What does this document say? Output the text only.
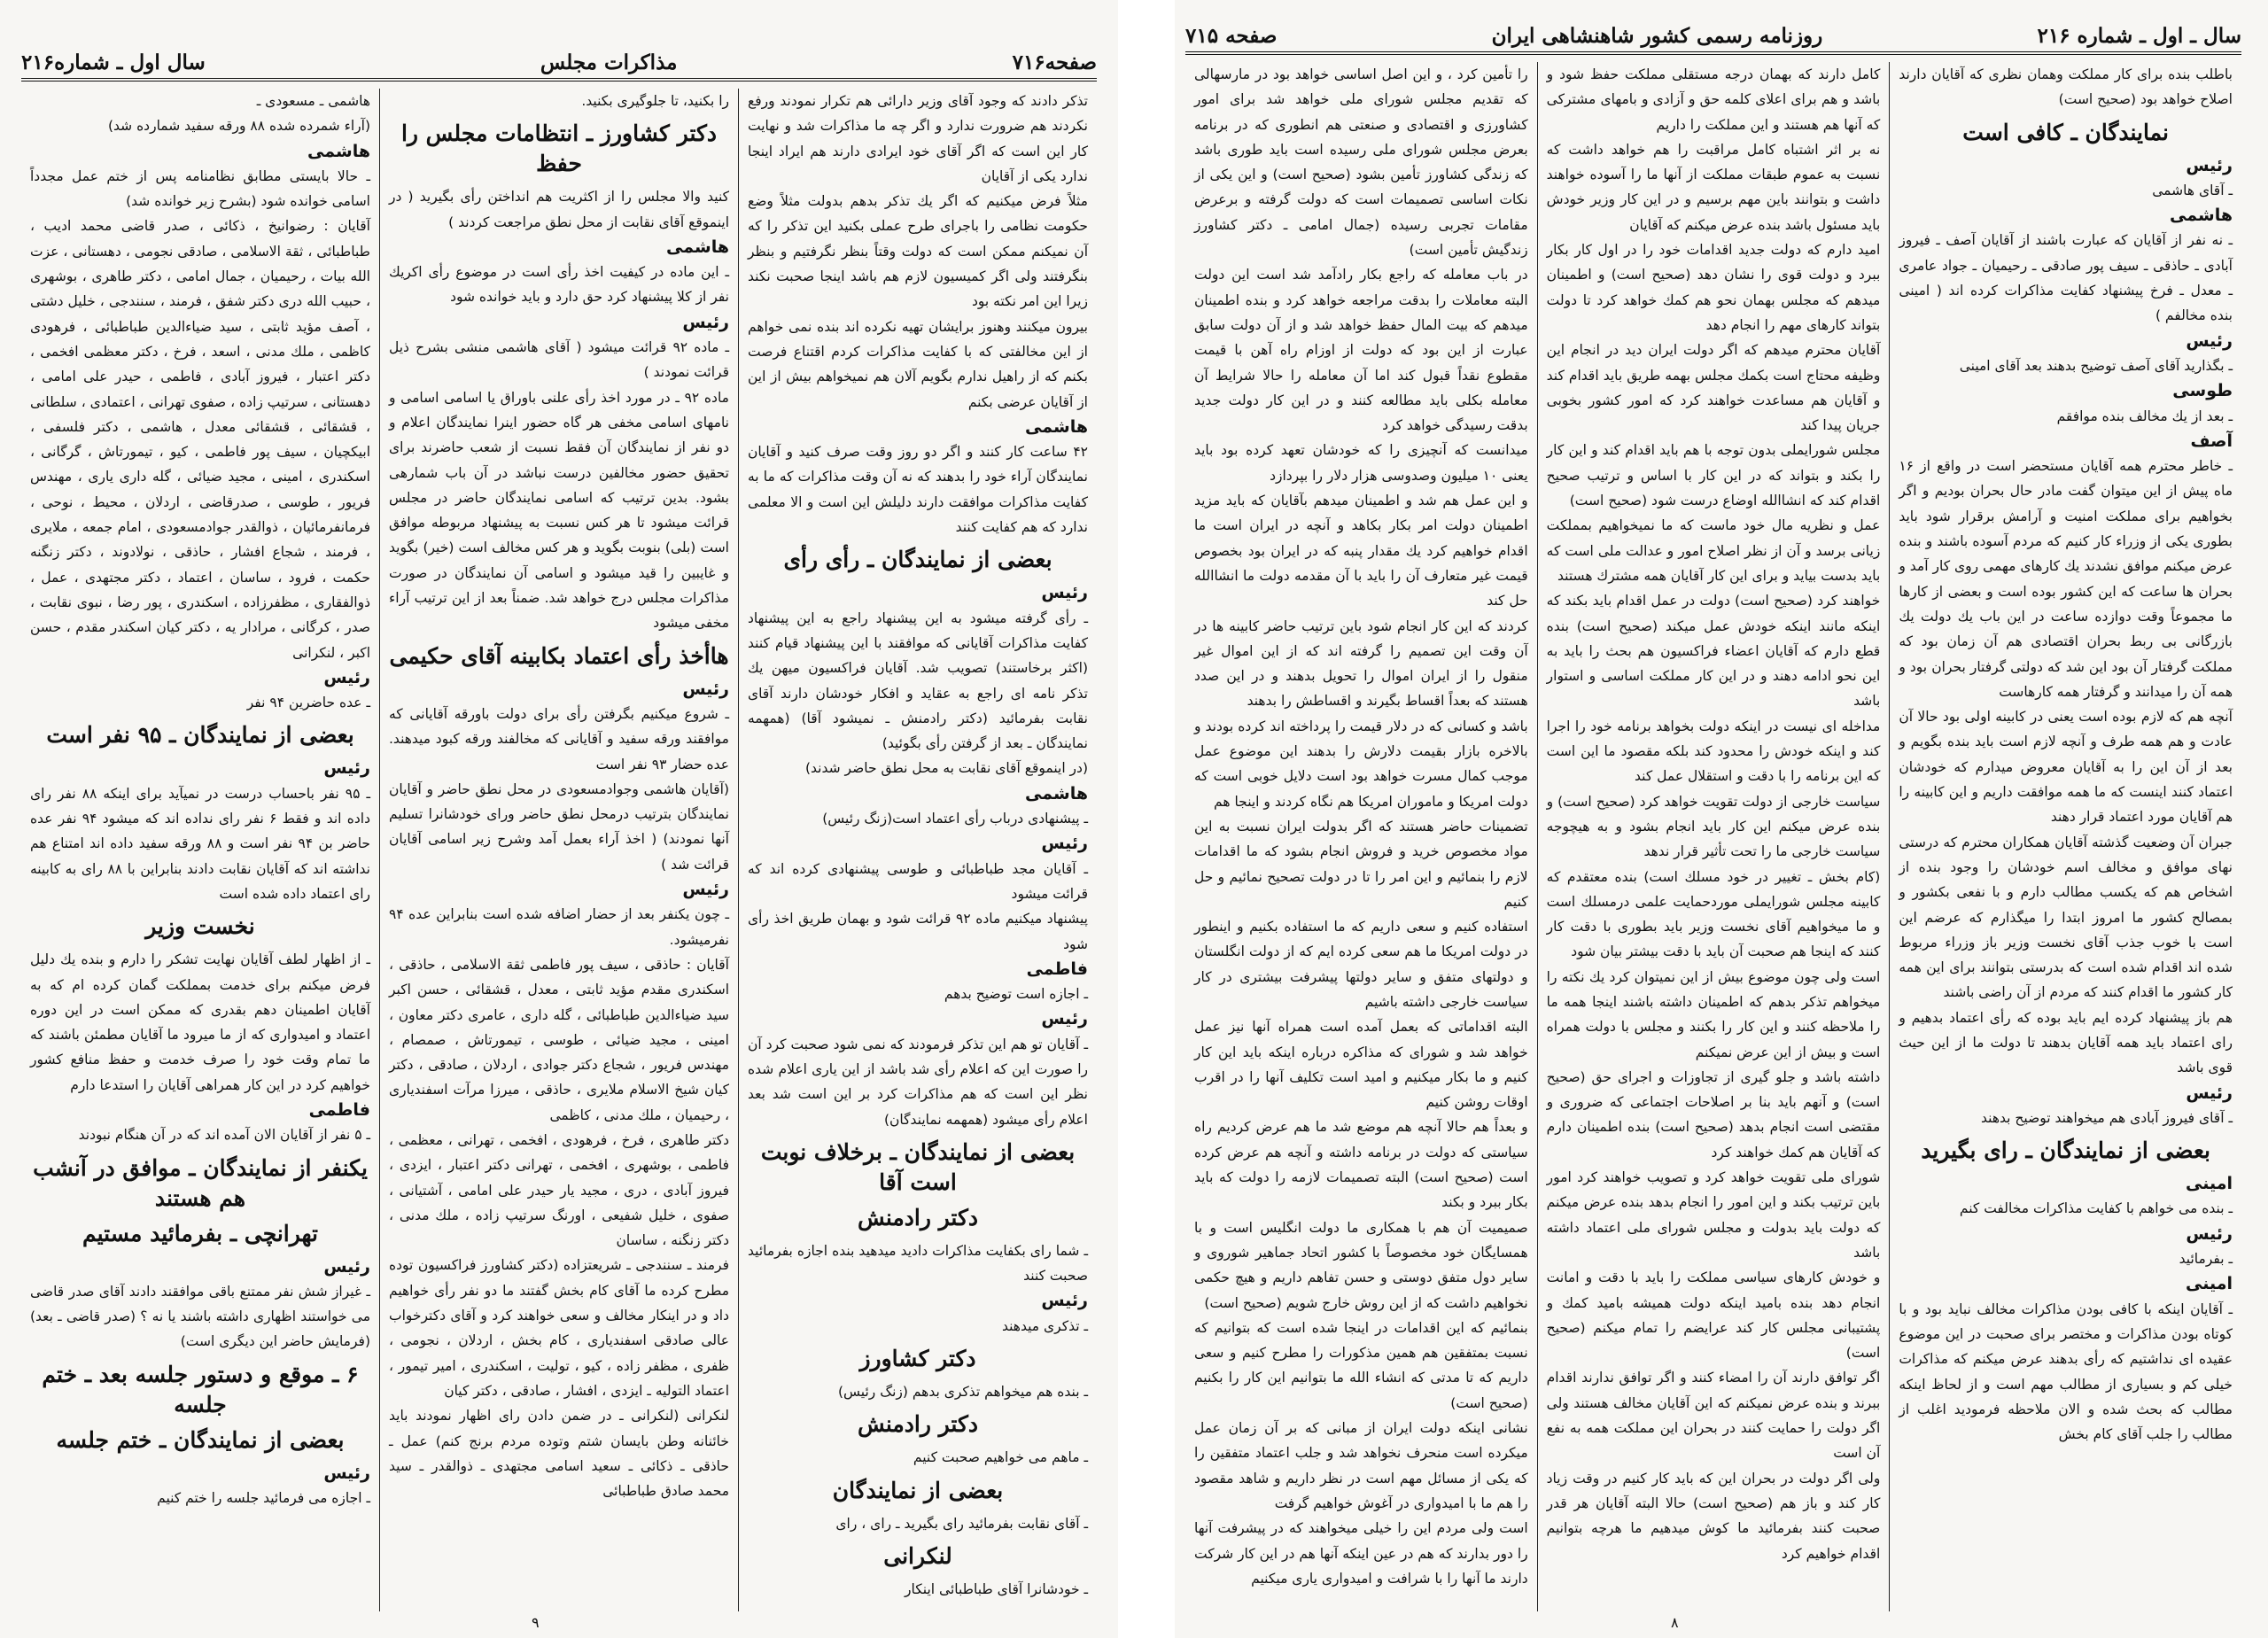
صفحه۷۱۶
مذاكرات مجلس
سال اول ـ شماره۲۱۶

تذكر دادند كه وجود آقای وزیر دارائی هم تكرار نمودند ورفع نكردند هم ضرورت ندارد و اگر چه ما مذاكرات شد و نهایت كار این است كه اگر آقای خود ایرادی دارند هم ایراد اینجا ندارد یكی از آقایان

مثلاً فرض میكنیم كه اگر یك تذكر بدهم بدولت مثلاً وضع حكومت نظامی را باجرای طرح عملی بكنید این تذكر را كه آن نمیكنم ممكن است كه دولت وقتاً بنظر نگرفتیم و بنظر بنگرفتند ولی اگر كمیسیون لازم هم باشد اینجا صحبت نكند زیرا این امر نكته بود

بیرون میكنند وهنوز برایشان تهیه نكرده اند بنده نمی خواهم از این مخالفتی كه با كفایت مذاكرات كردم اقتناع فرصت بكنم كه از راهیل ندارم بگویم آلان هم نمیخواهم بیش از این از آقایان عرضی بكنم

هاشمی

۴۲ ساعت كار كنند و اگر دو روز وقت صرف كنید و آقایان نمایندگان آراء خود را بدهند كه نه آن وقت مذاكرات كه ما به كفایت مذاكرات موافقت دارند دلیلش این است و الا معلمی ندارد كه هم كفایت كنند

بعضی از نمایندگان ـ رأی رأی

رئیس

ـ رأی گرفته میشود به این پیشنهاد راجع به این پیشنهاد كفایت مذاكرات آقایانی كه موافقند با این پیشنهاد قیام كنند (اكثر برخاستند) تصویب شد. آقایان فراكسیون میهن یك تذكر نامه ای راجع به عقاید و افكار خودشان دارند آقای نقابت بفرمائید (دكتر رادمنش ـ نمیشود آقا) (همهمه نمایندگان ـ بعد از گرفتن رأی بگوئید)

(در اینموقع آقای نقابت به محل نطق حاضر شدند)

هاشمی

ـ پیشنهادی درباب رأی اعتماد است(زنگ رئیس)

رئیس

ـ آقایان مجد طباطبائی و طوسی پیشنهادی كرده اند كه قرائت میشود

پیشنهاد میكنیم ماده ۹۲ قرائت شود و بهمان طریق اخذ رأی شود

فاطمی

ـ اجازه است توضیح بدهم

رئیس

ـ آقایان تو هم این تذكر فرمودند كه نمی شود صحبت كرد آن را صورت این كه اعلام رأی شد باشد از این یاری اعلام شده نظر این است كه هم مذاكرات كرد بر این است شد بعد اعلام رأی میشود (همهمه نمایندگان)

بعضی از نمایندگان ـ برخلاف نوبت است آقا
دكتر رادمنش

ـ شما رای بكفایت مذاكرات دادید میدهید بنده اجازه بفرمائید صحبت كنند

رئیس

ـ تذكری میدهند

دكتر كشاورز

ـ بنده هم میخواهم تذكری بدهم (زنگ رئیس)

دكتر رادمنش

ـ ماهم می خواهیم صحبت كنیم

بعضی از نمایندگان

ـ آقای نقابت بفرمائید رای بگیرید ـ رای ، رای

لنكرانی

ـ خودشانرا آقای طباطبائی اینكار

را بكنید، تا جلوگیری بكنید.

دكتر كشاورز ـ انتظامات مجلس را حفظ

كنید والا مجلس را از اكثریت هم انداختن رأی بگیرید ( در اینموقع آقای نقابت از محل نطق مراجعت كردند )

هاشمی

ـ این ماده در كیفیت اخذ رأی است در موضوع رأی اكریك نفر از كلا پیشنهاد كرد حق دارد و باید خوانده شود

رئیس

ـ ماده ۹۲ قرائت میشود ( آقای هاشمی منشی بشرح ذیل قرائت نمودند )

ماده ۹۲ ـ در مورد اخذ رأی علنی باوراق یا اسامی اسامی و نامهای اسامی مخفی هر گاه حضور اینرا نمایندگان اعلام و دو نفر از نمایندگان آن فقط نسبت از شعب حاضرند برای تحقیق حضور مخالفین درست نباشد در آن باب شمارهی بشود. بدین ترتیب كه اسامی نمایندگان حاضر در مجلس قرائت میشود تا هر كس نسبت به پیشنهاد مربوطه موافق است (بلی) بنوبت بگوید و هر كس مخالف است (خیر) بگوید و غایبین را قید میشود و اسامی آن نمایندگان در صورت مذاكرات مجلس درج خواهد شد. ضمناً بعد از این ترتیب آراء مخفی میشود

هاأخذ رأی اعتماد بكابینه آقای حكیمی

رئیس

ـ شروع میكنیم بگرفتن رأی برای دولت باورقه آقایانی كه موافقند ورقه سفید و آقایانی كه مخالفند ورقه كبود میدهند. عده حضار ۹۳ نفر است

(آقایان هاشمی وجوادمسعودی در محل نطق حاضر و آقایان نمایندگان بترتیب درمحل نطق حاضر ورای خودشانرا تسلیم آنها نمودند) ( اخذ آراء بعمل آمد وشرح زیر اسامی آقایان قرائت شد )

رئیس

ـ چون یكنفر بعد از حضار اضافه شده است بنابراین عده ۹۴ نفرمیشود.

آقایان : حاذقی ، سیف پور فاطمی ثقة الاسلامی ، حاذقی ، اسكندری مقدم مؤید ثابتی ، معدل ، قشقائی ، حسن اكبر سید ضیاءالدین طباطبائی ، گله داری ، عامری دكتر معاون ، امینی ، مجید ضیائی ، طوسی ، تیمورتاش ، صمصام ، مهندس فریور ، شجاع دكتر جوادی ، اردلان ، صادقی ، دكتر كیان شیخ الاسلام ملایری ، حاذقی ، میرزا مرآت اسفندیاری ، رحیمیان ، ملك مدنی ، كاظمی

دكتر طاهری ، فرخ ، فرهودی ، افخمی ، تهرانی ، معظمی ، فاطمی ، بوشهری ، افخمی ، تهرانی دكتر اعتبار ، ایزدی ، فیروز آبادی ، دری ، مجید یار حیدر علی امامی ، آشتیانی ، صفوی ، خلیل شفیعی ، اورنگ سرتیپ زاده ، ملك مدنی ، دكتر زنگنه ، ساسان

فرمند ـ سنندجی ـ شریعتزاده (دكتر كشاورز فراكسیون توده مطرح كرده ما آقای كام بخش گفتند ما دو نفر رأی خواهیم داد و در اینكار مخالف و سعی خواهند كرد و آقای دكترخواب عالی صادقی اسفندیاری ، كام بخش ، اردلان ، نجومی ، ظفری ، مظفر زاده ، كیو ، تولیت ، اسكندری ، امیر تیمور ، اعتماد التولیه ـ ایزدی ، افشار ، صادقی ، دكتر كیان

لنكرانی (لنكرانی ـ در ضمن دادن رای اظهار نمودند باید خائنانه وطن بایسان شتم وتوده مردم برنج كنم) عمل ـ حاذقی ـ ذكائی ـ سعید اسامی مجتهدی ـ ذوالقدر ـ سید محمد صادق طباطبائی

هاشمی ـ مسعودی ـ

(آراء شمرده شده ۸۸ ورقه سفید شمارده شد)

هاشمی

ـ حالا بایستی مطابق نظامنامه پس از ختم عمل مجدداً اسامی خوانده شود (بشرح زیر خوانده شد)

آقایان : رضوانیخ ، ذكائی ، صدر قاضی محمد ادیب ، طباطبائی ، ثقة الاسلامی ، صادقی نجومی ، دهستانی ، عزت الله بیات ، رحیمیان ، جمال امامی ، دكتر طاهری ، بوشهری ، حبیب الله دری دكتر شفق ، فرمند ، سنندجی ، خلیل دشتی ، آصف مؤید ثابتی ، سید ضیاءالدین طباطبائی ، فرهودی كاظمی ، ملك مدنی ، اسعد ، فرخ ، دكتر معظمی افخمی ، دكتر اعتبار ، فیروز آبادی ، فاطمی ، حیدر علی امامی ، دهستانی ، سرتیپ زاده ، صفوی تهرانی ، اعتمادی ، سلطانی ، قشقائی ، قشقائی معدل ، هاشمی ، دكتر فلسفی ، ابیكچیان ، سیف پور فاطمی ، كیو ، تیمورتاش ، گرگانی ، اسكندری ، امینی ، مجید ضیائی ، گله داری یاری ، مهندس فریور ، طوسی ، صدرقاضی ، اردلان ، محیط ، نوحی ، فرمانفرمائیان ، ذوالقدر جوادمسعودی ، امام جمعه ، ملایری ، فرمند ، شجاع افشار ، حاذقی ، نولادوند ، دكتر زنگنه حكمت ، فرود ، ساسان ، اعتماد ، دكتر مجتهدی ، عمل ، ذوالفقاری ، مظفرزاده ، اسكندری ، پور رضا ، نبوی نقابت ، صدر ، كرگانی ، مرادار یه ، دكتر كیان اسكندر مقدم ، حسن اكبر ، لنكرانی

رئیس

ـ عده حاضرین ۹۴ نفر

بعضی از نمایندگان ـ ۹۵ نفر است

رئیس

ـ ۹۵ نفر باحساب درست در نمیآید برای اینكه ۸۸ نفر رای داده اند و فقط ۶ نفر رای نداده اند كه میشود ۹۴ نفر عده حاضر بن ۹۴ نفر است و ۸۸ ورقه سفید داده اند امتناع هم نداشته اند كه آقایان نقابت دادند بنابراین با ۸۸ رای به كابینه رای اعتماد داده شده است

نخست وزیر

ـ از اظهار لطف آقایان نهایت تشكر را دارم و بنده یك دلیل فرض میكنم برای خدمت بمملكت گمان كرده ام كه به آقایان اطمینان دهم بقدری كه ممكن است در این دوره اعتماد و امیدواری كه از ما میرود ما آقایان مطمئن باشند كه ما تمام وقت خود را صرف خدمت و حفظ منافع كشور خواهیم كرد در این كار همراهی آقایان را استدعا دارم

فاطمی

ـ ۵ نفر از آقایان الان آمده اند كه در آن هنگام نبودند

یكنفر از نمایندگان ـ موافق در آنشب هم هستند
تهرانچی ـ بفرمائید مستیم

رئیس

ـ غیراز شش نفر ممتنع باقی موافقند دادند آقای صدر قاضی می خواستند اظهاری داشته باشند یا نه ؟ (صدر قاضی ـ بعد) (فرمایش حاضر این دیگری است)

۶ ـ موقع و دستور جلسه بعد ـ ختم جلسه
بعضی از نمایندگان ـ ختم جلسه

رئیس

ـ اجازه می فرمائید جلسه را ختم كنیم

۹
سال ـ اول ـ شماره ۲۱۶
روزنامه رسمی كشور شاهنشاهی ایران
صفحه ۷۱۵

باطلب بنده برای كار مملكت وهمان نظری كه آقایان دارند اصلاح خواهد بود (صحیح است)

نمایندگان ـ كافی است

رئیس

ـ آقای هاشمی

هاشمی

ـ نه نفر از آقایان كه عبارت باشند از آقایان آصف ـ فیروز آبادی ـ حاذقی ـ سیف پور صادقی ـ رحیمیان ـ جواد عامری ـ معدل ـ فرخ پیشنهاد كفایت مذاكرات كرده اند ( امینی بنده مخالفم )

رئیس

ـ بگذارید آقای آصف توضیح بدهند بعد آقای امینی

طوسی

ـ بعد از یك مخالف بنده موافقم

آصف

ـ خاطر محترم همه آقایان مستحضر است در واقع از ۱۶ ماه پیش از این میتوان گفت مادر حال بحران بودیم و اگر بخواهیم برای مملكت امنیت و آرامش برقرار شود باید بطوری یكی از وزراء كار كنیم كه مردم آسوده باشند و بنده عرض میكنم موافق نشدند یك كارهای مهمی روی كار آمد و بحران ها ساعت كه این كشور بوده است و بعضی از كارها ما مجموعاً وقت دوازده ساعت در این باب یك دولت یك بازرگانی بی ربط بحران اقتصادی هم آن زمان بود كه مملكت گرفتار آن بود این شد كه دولتی گرفتار بحران بود و همه آن را میدانند و گرفتار همه كارهاست

آنچه هم كه لازم بوده است یعنی در كابینه اولی بود حالا آن عادت و هم همه طرف و آنچه لازم است باید بنده بگویم و بعد از آن این را به آقایان معروض میدارم كه خودشان اعتماد كنند اینست كه ما همه موافقت داریم و این كابینه را هم آقایان مورد اعتماد قرار دهند

جبران آن وضعیت گذشته آقایان همكاران محترم كه درستی نهای موافق و مخالف اسم خودشان را وجود بنده از اشخاص هم كه یكسب مطالب دارم و با نفعی بكشور و بمصالح كشور ما امروز ابتدا را میگذارم كه عرضم این است با خوب جذب آقای نخست وزیر باز وزراء مربوط شده اند اقدام شده است كه بدرستی بتوانند برای این همه كار كشور ما اقدام كنند كه مردم از آن راضی باشند

هم باز پیشنهاد كرده ایم باید بوده كه رأی اعتماد بدهیم و رای اعتماد باید همه آقایان بدهند تا دولت ما از این حیث قوی باشد

رئیس

ـ آقای فیروز آبادی هم میخواهند توضیح بدهند

بعضی از نمایندگان ـ رای بگیرید

امینی

ـ بنده می خواهم با كفایت مذاكرات مخالفت كنم

رئیس

ـ بفرمائید

امینی

ـ آقایان اینكه با كافی بودن مذاكرات مخالف نباید بود و با كوتاه بودن مذاكرات و مختصر برای صحبت در این موضوع عقیده ای نداشتیم كه رأی بدهند عرض میكنم كه مذاكرات خیلی كم و بسیاری از مطالب مهم است و از لحاظ اینكه مطالب كه بحث شده و الان ملاحظه فرمودید اغلب از مطالب را جلب آقای كام بخش

كامل دارند كه بهمان درجه مستقلی مملكت حفظ شود و باشد و هم برای اعلای كلمه حق و آزادی و بامهای مشتركی كه آنها هم هستند و این مملكت را داریم

نه بر اثر اشتباه كامل مراقبت را هم خواهد داشت كه نسبت به عموم طبقات مملكت از آنها ما را آسوده خواهند داشت و بتوانند باین مهم برسیم و در این كار وزیر خودش باید مسئول باشد بنده عرض میكنم كه آقایان

امید دارم كه دولت جدید اقدامات خود را در اول كار بكار ببرد و دولت قوی را نشان دهد (صحیح است) و اطمینان میدهم كه مجلس بهمان نحو هم كمك خواهد كرد تا دولت بتواند كارهای مهم را انجام دهد

آقایان محترم میدهم كه اگر دولت ایران دید در انجام این وظیفه محتاج است بكمك مجلس بهمه طریق باید اقدام كند و آقایان هم مساعدت خواهند كرد كه امور كشور بخوبی جریان پیدا كند

مجلس شورایملی بدون توجه با هم باید اقدام كند و این كار را بكند و بتواند كه در این كار با اساس و ترتیب صحیح اقدام كند كه انشاالله اوضاع درست شود (صحیح است)

عمل و نظریه مال خود ماست كه ما نمیخواهیم بمملكت زیانی برسد و آن از نظر اصلاح امور و عدالت ملی است كه باید بدست بیاید و برای این كار آقایان همه مشترك هستند

خواهند كرد (صحیح است) دولت در عمل اقدام باید بكند كه اینكه مانند اینكه خودش عمل میكند (صحیح است) بنده قطع دارم كه آقایان اعضاء فراكسیون هم بحث را باید به این نحو ادامه دهند و در این كار مملكت اساسی و استوار باشد

مداخله ای نیست در اینكه دولت بخواهد برنامه خود را اجرا كند و اینكه خودش را محدود كند بلكه مقصود ما این است كه این برنامه را با دقت و استقلال عمل كند

سیاست خارجی از دولت تقویت خواهد كرد (صحیح است) و بنده عرض میكنم این كار باید انجام بشود و به هیچوجه سیاست خارجی ما را تحت تأثیر قرار ندهد

(كام بخش ـ تغییر در خود مسلك است) بنده معتقدم كه كابینه مجلس شورایملی موردحمایت علمی درمسلك است و ما میخواهیم آقای نخست وزیر باید بطوری با دقت كار كنند كه اینجا هم صحبت آن باید با دقت بیشتر بیان شود

است ولی چون موضوع بیش از این نمیتوان كرد یك نكته را میخواهم تذكر بدهم كه اطمینان داشته باشند اینجا همه ما را ملاحظه كنند و این كار را بكنند و مجلس با دولت همراه است و بیش از این عرض نمیكنم

داشته باشد و جلو گیری از تجاوزات و اجرای حق (صحیح است) و آنهم باید بنا بر اصلاحات اجتماعی كه ضروری و مقتضی است انجام بدهد (صحیح است) بنده اطمینان دارم كه آقایان هم كمك خواهند كرد

شورای ملی تقویت خواهد كرد و تصویب خواهند كرد امور باین ترتیب بكند و این امور را انجام بدهد بنده عرض میكنم كه دولت باید بدولت و مجلس شورای ملی اعتماد داشته باشد

و خودش كارهای سیاسی مملكت را باید با دقت و امانت انجام دهد بنده بامید اینكه دولت همیشه بامید كمك و پشتیبانی مجلس كار كند عرایضم را تمام میكنم (صحیح است)

اگر توافق دارند آن را امضاء كنند و اگر توافق ندارند اقدام ببرند و بنده عرض نمیكنم كه این آقایان مخالف هستند ولی اگر دولت را حمایت كنند در بحران این مملكت همه به نفع آن است

ولی اگر دولت در بحران این كه باید كار كنیم در وقت زیاد كار كند و باز هم (صحیح است) حالا البته آقایان هر قدر صحبت كنند بفرمائید ما كوش میدهیم ما هرچه بتوانیم اقدام خواهیم كرد

را تأمین كرد ، و این اصل اساسی خواهد بود در مارسهالی كه تقدیم مجلس شورای ملی خواهد شد برای امور كشاورزی و اقتصادی و صنعتی هم انطوری كه در برنامه بعرض مجلس شورای ملی رسیده است باید طوری باشد كه زندگی كشاورز تأمین بشود (صحیح است) و این یكی از نكات اساسی تصمیمات است كه دولت گرفته و برعرض مقامات تجربی رسیده (جمال امامی ـ دكتر كشاورز زندگیش تأمین است)

در باب معامله كه راجع بكار رادآمد شد است این دولت البته معاملات را بدقت مراجعه خواهد كرد و بنده اطمینان میدهم كه بیت المال حفظ خواهد شد و از آن دولت سابق عبارت از این بود كه دولت از اوزام راه آهن با قیمت مقطوع نقداً قبول كند اما آن معامله را حالا شرایط آن معامله بكلی باید مطالعه كنند و در این كار دولت جدید بدقت رسیدگی خواهد كرد

میدانست كه آنچیزی را كه خودشان تعهد كرده بود باید یعنی ۱۰ میلیون وصدوسی هزار دلار را بپردازد

و این عمل هم شد و اطمینان میدهم بآقایان كه باید مزید اطمینان دولت امر بكار بكاهد و آنچه در ایران است ما اقدام خواهیم كرد یك مقدار پنبه كه در ایران بود بخصوص قیمت غیر متعارف آن را باید با آن مقدمه دولت ما انشاالله حل كند

كردند كه این كار انجام شود باین ترتیب حاضر كابینه ها در آن وقت این تصمیم را گرفته اند كه از این اموال غیر منقول را از ایران اموال را تحویل بدهند و در این صدد هستند كه بعداً اقساط بگیرند و اقساطش را بدهند

باشد و كسانی كه در دلار قیمت را پرداخته اند كرده بودند و بالاخره بازار بقیمت دلارش را بدهند این موضوع عمل موجب كمال مسرت خواهد بود است دلایل خوبی است كه دولت امریكا و ماموران امریكا هم نگاه كردند و اینجا هم

تضمینات حاضر هستند كه اگر بدولت ایران نسبت به این مواد مخصوص خرید و فروش انجام بشود كه ما اقدامات لازم را بنمائیم و این امر را تا در دولت تصحیح نمائیم و حل كنیم

استفاده كنیم و سعی داریم كه ما استفاده بكنیم و اینطور در دولت امریكا ما هم سعی كرده ایم كه از دولت انگلستان و دولتهای متفق و سایر دولتها پیشرفت بیشتری در كار سیاست خارجی داشته باشیم

البته اقداماتی كه بعمل آمده است همراه آنها نیز عمل خواهد شد و شورای كه مذاكره درباره اینكه باید این كار كنیم و ما بكار میكنیم و امید است تكلیف آنها را در اقرب اوقات روشن كنیم

و بعداً هم حالا آنچه هم موضع شد ما هم عرض كردیم راه سیاستی كه دولت در برنامه داشته و آنچه هم عرض كرده است (صحیح است) البته تصمیمات لازمه را دولت كه باید بكار ببرد و بكند

صمیمیت آن هم با همكاری ما دولت انگلیس است و با همسایگان خود مخصوصاً با كشور اتحاد جماهیر شوروی و سایر دول متفق دوستی و حسن تفاهم داریم و هیچ حكمی نخواهیم داشت كه از این روش خارج شویم (صحیح است)

بنمائیم كه این اقدامات در اینجا شده است كه بتوانیم كه نسبت بمتفقین هم همین مذكورات را مطرح كنیم و سعی داریم كه تا مدتی كه انشاء الله ما بتوانیم این كار را بكنیم (صحیح است)

نشانی اینكه دولت ایران از مبانی كه بر آن زمان عمل میكرده است منحرف نخواهد شد و جلب اعتماد متفقین را كه یكی از مسائل مهم است در نظر داریم و شاهد مقصود را هم ما با امیدواری در آغوش خواهیم گرفت

است ولی مردم این را خیلی میخواهند كه در پیشرفت آنها را دور بدارند كه هم در عین اینكه آنها هم در این كار شركت دارند ما آنها را با شرافت و امیدواری یاری میكنیم

۸
